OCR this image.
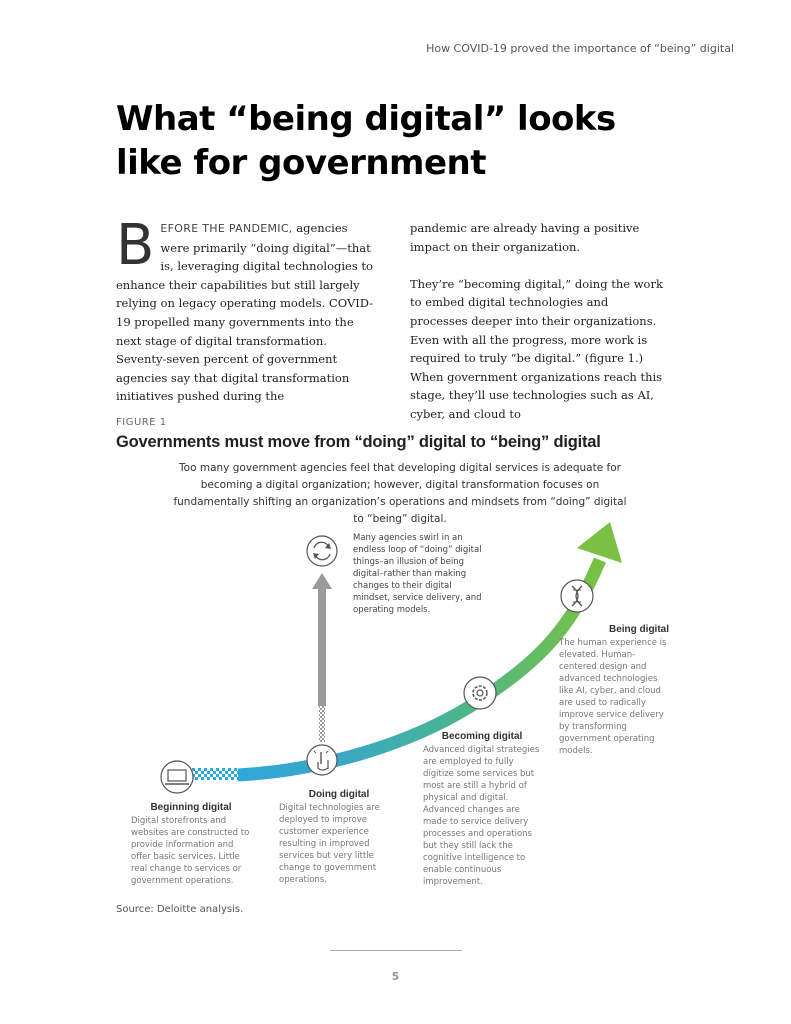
How COVID-19 proved the importance of “being” digital
What “being digital” looks
like for government

BEFORE THE PANDEMIC, agencies were primarily “doing digital”—that is, leveraging digital technologies to enhance their capabilities but still largely relying on legacy operating models. COVID-19 propelled many governments into the next stage of digital transformation. Seventy-seven percent of government agencies say that digital transformation initiatives pushed during the

pandemic are already having a positive impact on their organization.

They’re “becoming digital,” doing the work to embed digital technologies and processes deeper into their organizations. Even with all the progress, more work is required to truly “be digital.” (figure 1.) When government organizations reach this stage, they’ll use technologies such as AI, cyber, and cloud to

FIGURE 1
Governments must move from “doing” digital to “being” digital
Too many government agencies feel that developing digital services is adequate for becoming a digital organization; however, digital transformation focuses on fundamentally shifting an organization’s operations and mindsets from “doing” digital to “being” digital.
Many agencies swirl in an endless loop of “doing” digital things–an illusion of being digital–rather than making changes to their digital mindset, service delivery, and operating models.
Beginning digital
Digital storefronts and websites are constructed to provide information and offer basic services. Little real change to services or government operations.
Doing digital
Digital technologies are deployed to improve customer experience resulting in improved services but very little change to government operations.
Becoming digital
Advanced digital strategies are employed to fully digitize some services but most are still a hybrid of physical and digital. Advanced changes are made to service delivery processes and operations but they still lack the cognitive intelligence to enable continuous improvement.
Being digital
The human experience is elevated. Human-centered design and advanced technologies like AI, cyber, and cloud are used to radically improve service delivery by transforming government operating models.
Source: Deloitte analysis.
5
